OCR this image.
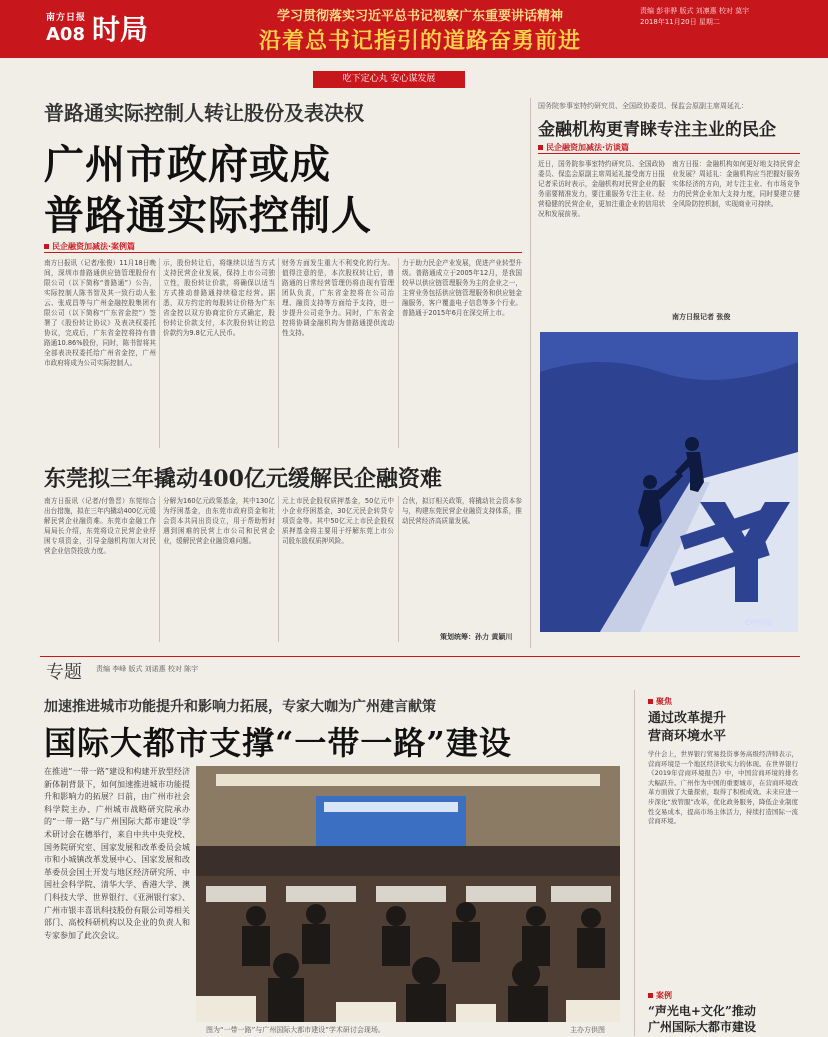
南方日报
A08 时局	学习贯彻落实习近平总书记视察广东重要讲话精神
沿着总书记指引的道路奋勇前进
责编 彭非骅 版式 刘凛惠 校对 莫宇
2018年11月20日 星期二
吃下定心丸 安心谋发展
普路通实际控制人转让股份及表决权
广州市政府或成
普路通实际控制人
民企融资加减法·案例篇
南方日报讯（记者/张俊）11月18日晚间，深圳市普路通供应链管理股份有限公司（以下简称“普路通”）公告，实际控制人陈书智及其一致行动人张云、张成昌等与广州金融控股集团有限公司（以下简称“广东省金控”）签署了《股份转让协议》及表决权委托协议，完成后，广东省金控将持有普路通10.86%股份，同时，陈书智将其全部表决权委托给广州省金控，广州市政府将成为公司实际控制人。
示，股份转让后，将继续以适当方式支持民营企业发展，保持上市公司独立性，股份转让价款，将确保以适当方式推动普路通持续稳定经营。据悉，双方约定的每股转让价格为广东省金控以双方协商定价方式确定，股份转让价款支付，本次股份转让的总价款约为9.8亿元人民币。
财务方面发生重大不利变化的行为。值得注意的是，本次股权转让后，普路通的日常经营管理仍将由现有管理团队负责，广东省金控将在公司治理、融资支持等方面给予支持，进一步提升公司竞争力。同时，广东省金控将协调金融机构为普路通提供流动性支持。
力于助力民企产业发展，促进产业转型升级。普路通成立于2005年12月，是我国较早以供应链管理服务为主的企业之一，主营业务包括供应链管理服务和供应链金融服务，客户覆盖电子信息等多个行业。普路通于2015年6月在深交所上市。
国务院参事室特约研究员、全国政协委员、保监会原副主席周延礼：
金融机构更青睐专注主业的民企
民企融资加减法·访谈篇
近日，国务院参事室特约研究员、全国政协委员、保监会原副主席周延礼接受南方日报记者采访时表示，金融机构对民营企业的服务需要精准发力，要注重服务专注主业、经营稳健的民营企业，更加注重企业的信用状况和发展前景。
南方日报：金融机构如何更好地支持民营企业发展？周延礼：金融机构应当把握好服务实体经济的方向，对专注主业、有市场竞争力的民营企业加大支持力度，同时要建立健全风险防控机制，实现商业可持续。
南方日报记者 张俊
CFP供图
东莞拟三年撬动400亿元缓解民企融资难
南方日报讯（记者/付鲁晋）东莞综合出台措施，拟在三年内撬动400亿元缓解民营企业融资难。东莞市金融工作局局长介绍，东莞将设立民营企业纾困专项资金，引导金融机构加大对民营企业信贷投放力度。
分解为160亿元政策基金，其中130亿为纾困基金，由东莞市政府资金和社会资本共同出资设立，用于帮助暂时遇到困难的民营上市公司和民营企业，缓解民营企业融资难问题。
元上市民企股权质押基金，50亿元中小企业纾困基金，30亿元民企转贷专项资金等。其中50亿元上市民企股权质押基金将主要用于纾解东莞上市公司股东股权质押风险。
合伙，拟订相关政策，将撬动社会资本参与，构建东莞民营企业融资支持体系，推动民营经济高质量发展。
策划统筹：孙力 黄颖川
专题 责编 李峰 版式 刘诺惠 校对 陈宇
加速推进城市功能提升和影响力拓展，专家大咖为广州建言献策
国际大都市支撑“一带一路”建设
在推进“一带一路”建设和构建开放型经济新体制背景下，如何加速推进城市功能提升和影响力的拓展？日前，由广州市社会科学院主办、广州城市战略研究院承办的“一带一路”与广州国际大都市建设”学术研讨会在穗举行，来自中共中央党校、国务院研究室、国家发展和改革委员会城市和小城镇改革发展中心、国家发展和改革委员会国土开发与地区经济研究所、中国社会科学院、清华大学、香港大学、澳门科技大学、世界银行、《亚洲银行家》、广州市银丰喜讯科技股份有限公司等相关部门、高校科研机构以及企业的负责人和专家参加了此次会议。
图为“一带一路”与广州国际大都市建设”学术研讨会现场。	主办方供图
聚焦
通过改革提升
营商环境水平
学什会上，世界银行贸易投资事务高级经济师表示，营商环境是一个地区经济软实力的体现。在世界银行《2019年营商环境报告》中，中国营商环境的排名大幅跃升。广州作为中国的重要城市，在营商环境改革方面做了大量探索，取得了积极成效。未来应进一步深化“放管服”改革，优化政务服务，降低企业制度性交易成本，提高市场主体活力，持续打造国际一流营商环境。
案例
“声光电+文化”推动
广州国际大都市建设
